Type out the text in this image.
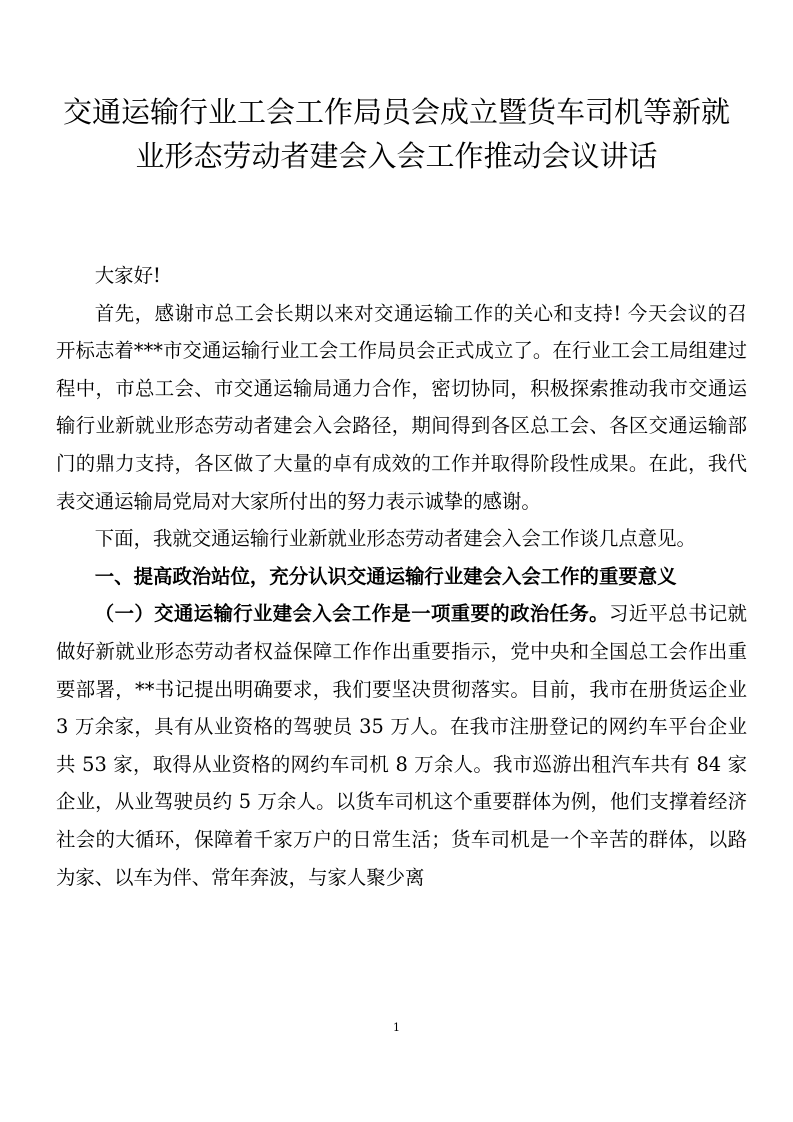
交通运输行业工会工作局员会成立暨货车司机等新就
业形态劳动者建会入会工作推动会议讲话

大家好!

首先，感谢市总工会长期以来对交通运输工作的关心和支持! 今天会议的召开标志着***市交通运输行业工会工作局员会正式成立了。在行业工会工局组建过程中，市总工会、市交通运输局通力合作，密切协同，积极探索推动我市交通运输行业新就业形态劳动者建会入会路径，期间得到各区总工会、各区交通运输部门的鼎力支持，各区做了大量的卓有成效的工作并取得阶段性成果。在此，我代表交通运输局党局对大家所付出的努力表示诚挚的感谢。

下面，我就交通运输行业新就业形态劳动者建会入会工作谈几点意见。

一、提高政治站位，充分认识交通运输行业建会入会工作的重要意义

（一）交通运输行业建会入会工作是一项重要的政治任务。习近平总书记就做好新就业形态劳动者权益保障工作作出重要指示，党中央和全国总工会作出重要部署，**书记提出明确要求，我们要坚决贯彻落实。目前，我市在册货运企业 3 万余家，具有从业资格的驾驶员 35 万人。在我市注册登记的网约车平台企业共 53 家，取得从业资格的网约车司机 8 万余人。我市巡游出租汽车共有 84 家企业，从业驾驶员约 5 万余人。以货车司机这个重要群体为例，他们支撑着经济社会的大循环，保障着千家万户的日常生活；货车司机是一个辛苦的群体，以路为家、以车为伴、常年奔波，与家人聚少离

1
